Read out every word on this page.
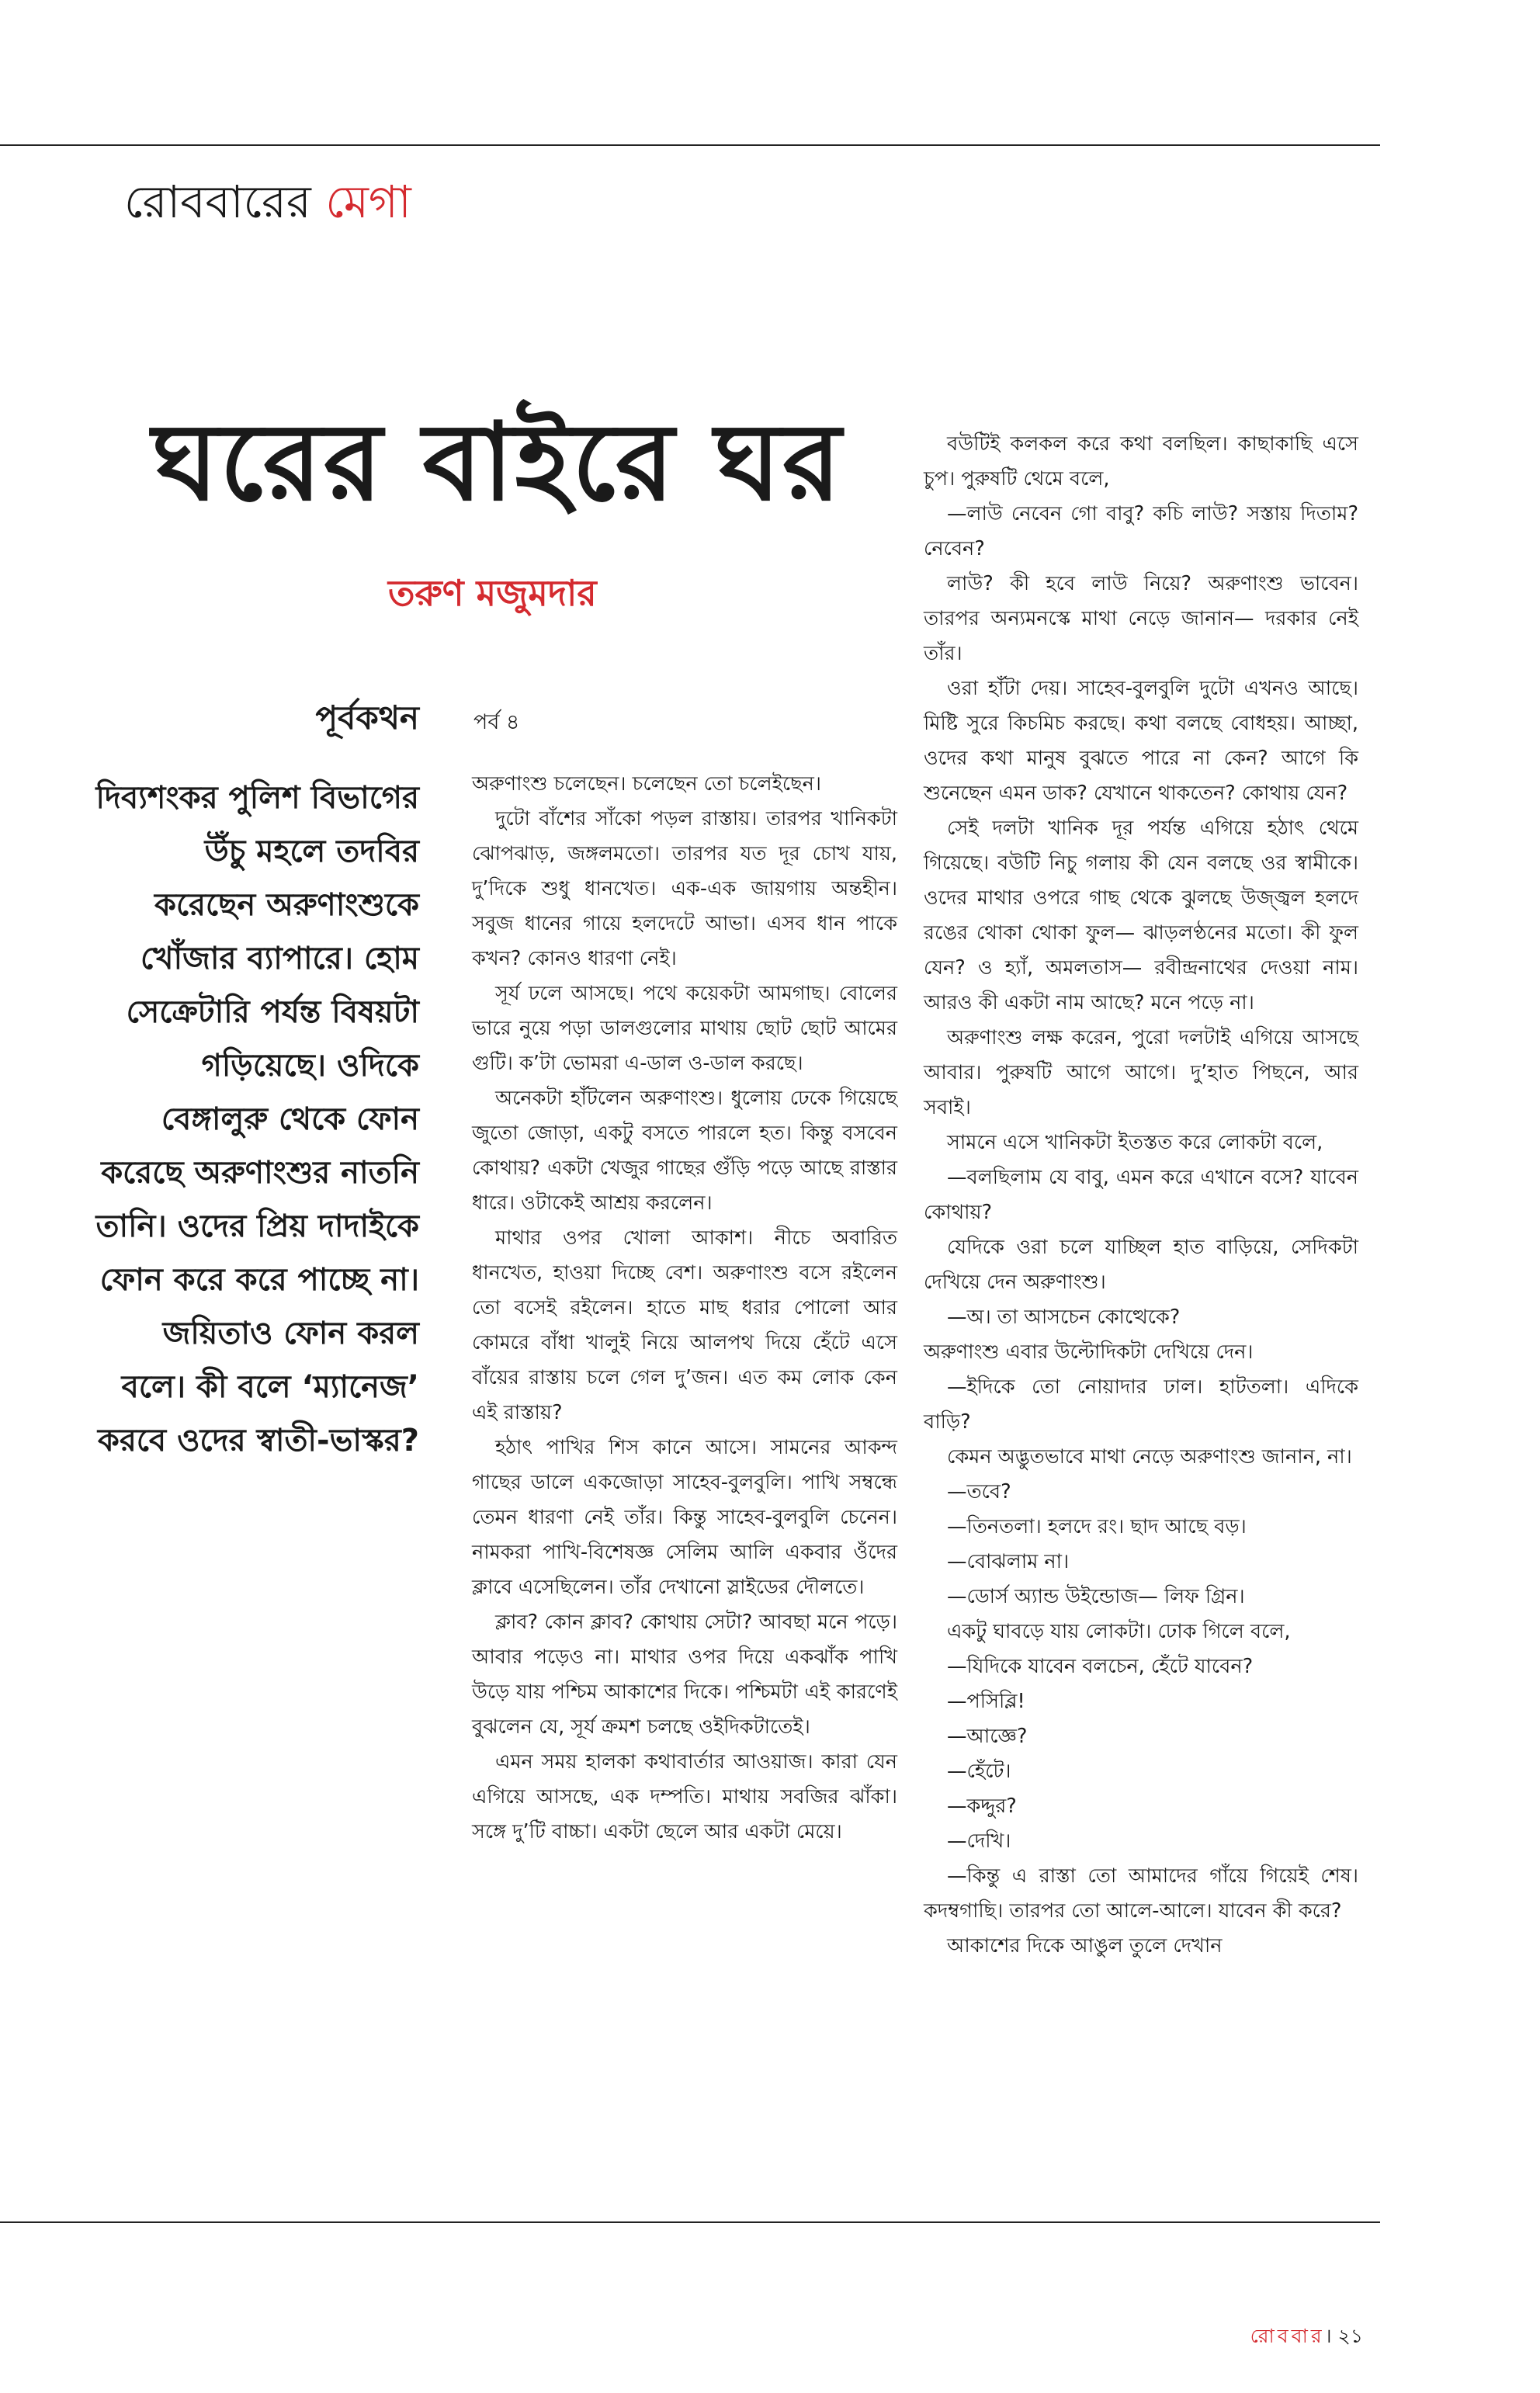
রোববারের মেগা
ঘরের বাইরে ঘর
তরুণ মজুমদার
পূর্বকথন
দিব্যশংকর পুলিশ বিভাগের উঁচু মহলে তদবির করেছেন অরুণাংশুকে খোঁজার ব্যাপারে। হোম সেক্রেটারি পর্যন্ত বিষয়টা গড়িয়েছে। ওদিকে বেঙ্গালুরু থেকে ফোন করেছে অরুণাংশুর নাতনি তানি। ওদের প্রিয় দাদাইকে ফোন করে করে পাচ্ছে না। জয়িতাও ফোন করল বলে। কী বলে ‘ম্যানেজ’ করবে ওদের স্বাতী-ভাস্কর?
পর্ব ৪

অরুণাংশু চলেছেন। চলেছেন তো চলেইছেন।

দুটো বাঁশের সাঁকো পড়ল রাস্তায়। তারপর খানিকটা ঝোপঝাড়, জঙ্গলমতো। তারপর যত দূর চোখ যায়, দু’দিকে শুধু ধানখেত। এক-এক জায়গায় অন্তহীন। সবুজ ধানের গায়ে হলদেটে আভা। এসব ধান পাকে কখন? কোনও ধারণা নেই।

সূর্য ঢলে আসছে। পথে কয়েকটা আমগাছ। বোলের ভারে নুয়ে পড়া ডালগুলোর মাথায় ছোট ছোট আমের গুটি। ক’টা ভোমরা এ-ডাল ও-ডাল করছে।

অনেকটা হাঁটলেন অরুণাংশু। ধুলোয় ঢেকে গিয়েছে জুতো জোড়া, একটু বসতে পারলে হত। কিন্তু বসবেন কোথায়? একটা খেজুর গাছের গুঁড়ি পড়ে আছে রাস্তার ধারে। ওটাকেই আশ্রয় করলেন।

মাথার ওপর খোলা আকাশ। নীচে অবারিত ধানখেত, হাওয়া দিচ্ছে বেশ। অরুণাংশু বসে রইলেন তো বসেই রইলেন। হাতে মাছ ধরার পোলো আর কোমরে বাঁধা খালুই নিয়ে আলপথ দিয়ে হেঁটে এসে বাঁয়ের রাস্তায় চলে গেল দু’জন। এত কম লোক কেন এই রাস্তায়?

হঠাৎ পাখির শিস কানে আসে। সামনের আকন্দ গাছের ডালে একজোড়া সাহেব-বুলবুলি। পাখি সম্বন্ধে তেমন ধারণা নেই তাঁর। কিন্তু সাহেব-বুলবুলি চেনেন। নামকরা পাখি-বিশেষজ্ঞ সেলিম আলি একবার ওঁদের ক্লাবে এসেছিলেন। তাঁর দেখানো স্লাইডের দৌলতে।

ক্লাব? কোন ক্লাব? কোথায় সেটা? আবছা মনে পড়ে। আবার পড়েও না। মাথার ওপর দিয়ে একঝাঁক পাখি উড়ে যায় পশ্চিম আকাশের দিকে। পশ্চিমটা এই কারণেই বুঝলেন যে, সূর্য ক্রমশ চলছে ওইদিকটাতেই।

এমন সময় হালকা কথাবার্তার আওয়াজ। কারা যেন এগিয়ে আসছে, এক দম্পতি। মাথায় সবজির ঝাঁকা। সঙ্গে দু’টি বাচ্চা। একটা ছেলে আর একটা মেয়ে।

বউটিই কলকল করে কথা বলছিল। কাছাকাছি এসে চুপ। পুরুষটি থেমে বলে,

—লাউ নেবেন গো বাবু? কচি লাউ? সস্তায় দিতাম? নেবেন?

লাউ? কী হবে লাউ নিয়ে? অরুণাংশু ভাবেন। তারপর অন্যমনস্কে মাথা নেড়ে জানান— দরকার নেই তাঁর।

ওরা হাঁটা দেয়। সাহেব-বুলবুলি দুটো এখনও আছে। মিষ্টি সুরে কিচমিচ করছে। কথা বলছে বোধহয়। আচ্ছা, ওদের কথা মানুষ বুঝতে পারে না কেন? আগে কি শুনেছেন এমন ডাক? যেখানে থাকতেন? কোথায় যেন?

সেই দলটা খানিক দূর পর্যন্ত এগিয়ে হঠাৎ থেমে গিয়েছে। বউটি নিচু গলায় কী যেন বলছে ওর স্বামীকে। ওদের মাথার ওপরে গাছ থেকে ঝুলছে উজ্জ্বল হলদে রঙের থোকা থোকা ফুল— ঝাড়লণ্ঠনের মতো। কী ফুল যেন? ও হ্যাঁ, অমলতাস— রবীন্দ্রনাথের দেওয়া নাম। আরও কী একটা নাম আছে? মনে পড়ে না।

অরুণাংশু লক্ষ করেন, পুরো দলটাই এগিয়ে আসছে আবার। পুরুষটি আগে আগে। দু’হাত পিছনে, আর সবাই।

সামনে এসে খানিকটা ইতস্তত করে লোকটা বলে,

—বলছিলাম যে বাবু, এমন করে এখানে বসে? যাবেন কোথায়?

যেদিকে ওরা চলে যাচ্ছিল হাত বাড়িয়ে, সেদিকটা দেখিয়ে দেন অরুণাংশু।

—অ। তা আসচেন কোত্থেকে?

অরুণাংশু এবার উল্টোদিকটা দেখিয়ে দেন।

—ইদিকে তো নোয়াদার ঢাল। হাটতলা। এদিকে বাড়ি?

কেমন অদ্ভুতভাবে মাথা নেড়ে অরুণাংশু জানান, না।

—তবে?

—তিনতলা। হলদে রং। ছাদ আছে বড়।

—বোঝলাম না।

—ডোর্স অ্যান্ড উইন্ডোজ— লিফ গ্রিন।

একটু ঘাবড়ে যায় লোকটা। ঢোক গিলে বলে,

—যিদিকে যাবেন বলচেন, হেঁটে যাবেন?

—পসিব্লি!

—আজ্ঞে?

—হেঁটে।

—কদ্দুর?

—দেখি।

—কিন্তু এ রাস্তা তো আমাদের গাঁয়ে গিয়েই শেষ। কদম্বগাছি। তারপর তো আলে-আলে। যাবেন কী করে?

আকাশের দিকে আঙুল তুলে দেখান

রোববার। ২১
